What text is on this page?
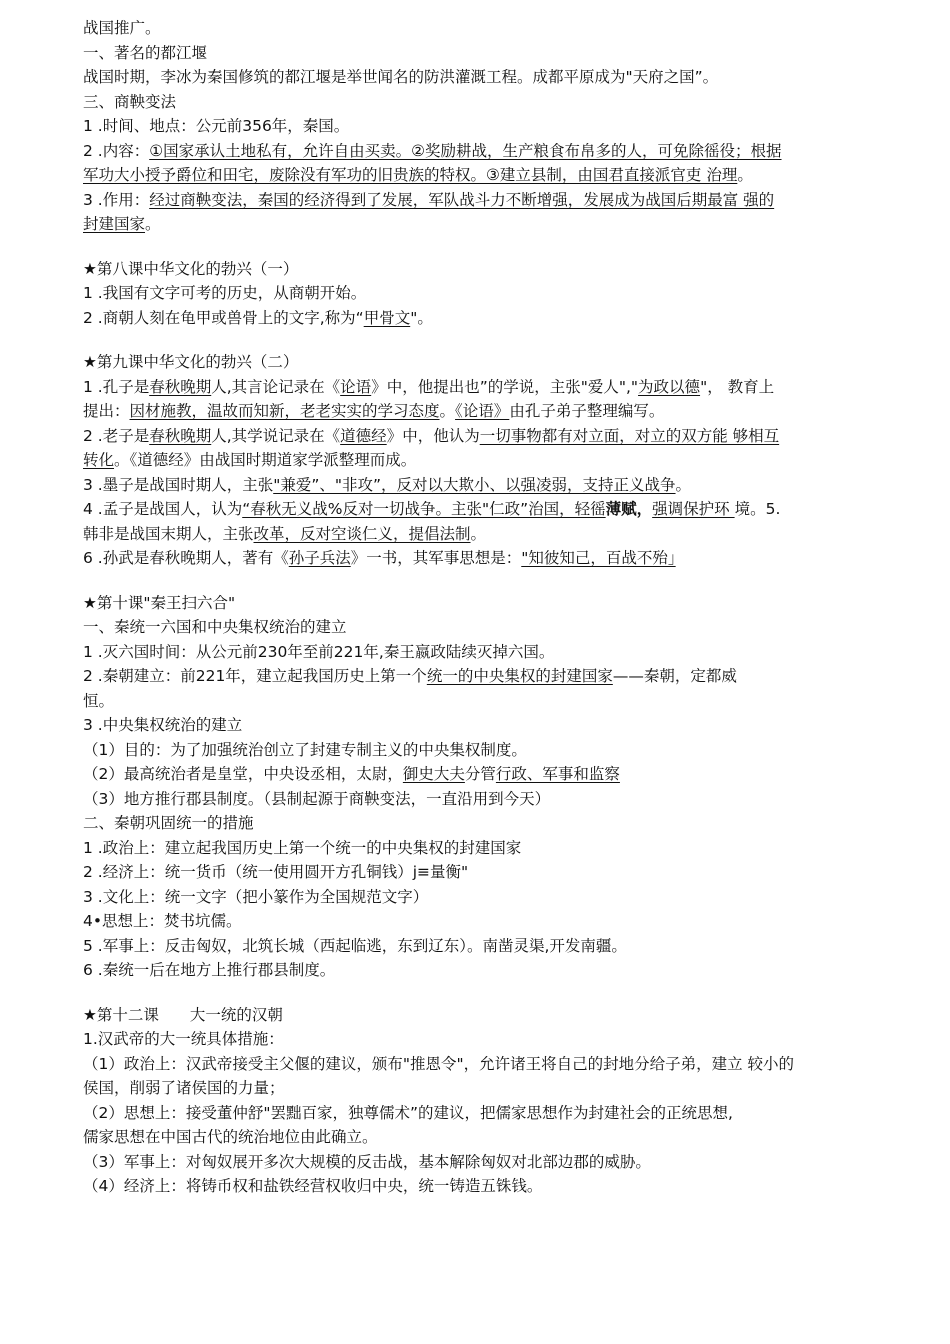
战国推广。
一、著名的都江堰
战国时期，李冰为秦国修筑的都江堰是举世闻名的防洪灌溉工程。成都平原成为"天府之国”。
三、商鞅变法
1 .时间、地点：公元前356年，秦国。
2 .内容：①国家承认土地私有，允许自由买卖。②奖励耕战，生产粮食布帛多的人，可免除徭役；根据
军功大小授予爵位和田宅，废除没有军功的旧贵族的特权。③建立县制，由国君直接派官吏 治理。
3 .作用：经过商鞅变法，秦国的经济得到了发展，军队战斗力不断增强，发展成为战国后期最富 强的
封建国家。
★第八课中华文化的勃兴（一）
1 .我国有文字可考的历史，从商朝开始。
2 .商朝人刻在龟甲或兽骨上的文字,称为“甲骨文"。
★第九课中华文化的勃兴（二）
1 .孔子是春秋晚期人,其言论记录在《论语》中，他提出也”的学说，主张"爱人","为政以德"， 教育上
提出：因材施教，温故而知新，老老实实的学习态度。《论语》由孔子弟子整理编写。
2 .老子是春秋晚期人,其学说记录在《道德经》中，他认为一切事物都有对立面，对立的双方能 够相互
转化。《道德经》由战国时期道家学派整理而成。
3 .墨子是战国时期人，主张"兼爱”、"非攻”，反对以大欺小、以强凌弱，支持正义战争。
4 .孟子是战国人，认为“春秋无义战%反对一切战争。主张"仁政”治国，轻徭薄赋，强调保护环 境。5.
韩非是战国末期人，主张改革，反对空谈仁义，提倡法制。
6 .孙武是春秋晚期人，著有《孙子兵法》一书，其军事思想是："知彼知己，百战不殆｣
★第十课"秦王扫六合"
一、秦统一六国和中央集权统治的建立
1 .灭六国时间：从公元前230年至前221年,秦王嬴政陆续灭掉六国。
2 .秦朝建立：前221年，建立起我国历史上第一个统一的中央集权的封建国家——秦朝，定都威
恒。
3 .中央集权统治的建立
（1）目的：为了加强统治创立了封建专制主义的中央集权制度。
（2）最高统治者是皇堂，中央设丞相，太尉，御史大夫分管行政、军事和监察
（3）地方推行郡县制度。（县制起源于商鞅变法，一直沿用到今天）
二、秦朝巩固统一的措施
1 .政治上：建立起我国历史上第一个统一的中央集权的封建国家
2 .经济上：统一货币（统一使用圆开方孔铜钱）j≡量衡"
3 .文化上：统一文字（把小篆作为全国规范文字）
4•思想上：焚书坑儒。
5 .军事上：反击匈奴，北筑长城（西起临逃，东到辽东）。南凿灵渠,开发南疆。
6 .秦统一后在地方上推行郡县制度。
★第十二课　　大一统的汉朝
1.汉武帝的大一统具体措施：
（1）政治上：汉武帝接受主父偃的建议，颁布"推恩令"，允许诸王将自己的封地分给子弟，建立 较小的
侯国，削弱了诸侯国的力量；
（2）思想上：接受董仲舒"罢黜百家，独尊儒术”的建议，把儒家思想作为封建社会的正统思想,
儒家思想在中国古代的统治地位由此确立。
（3）军事上：对匈奴展开多次大规模的反击战，基本解除匈奴对北部边郡的威胁。
（4）经济上：将铸币权和盐铁经营权收归中央，统一铸造五铢钱。
